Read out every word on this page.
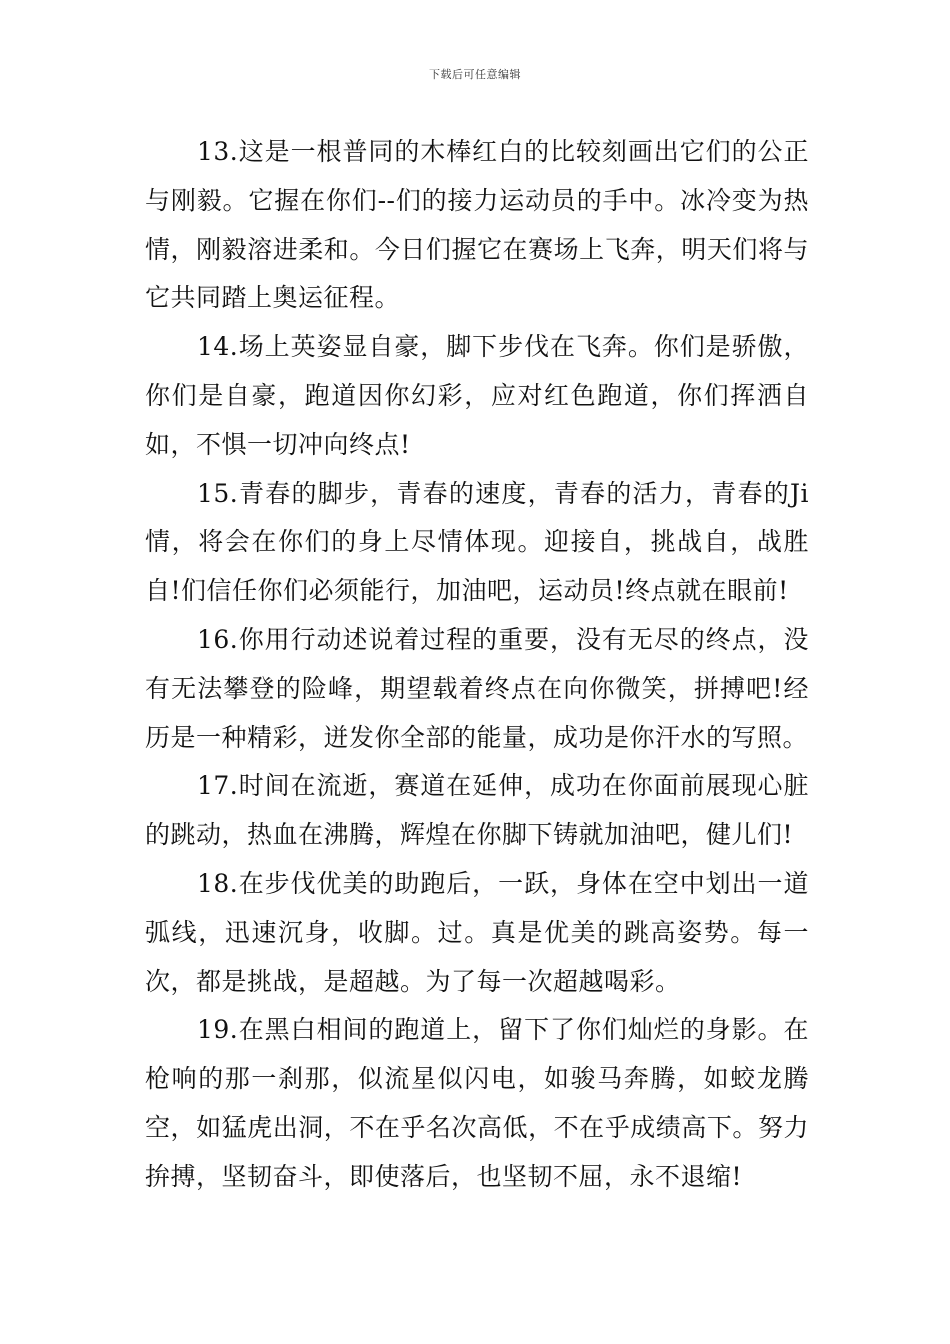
下载后可任意编辑

13.这是一根普同的木棒红白的比较刻画出它们的公正与刚毅。它握在你们--们的接力运动员的手中。冰冷变为热情，刚毅溶进柔和。今日们握它在赛场上飞奔，明天们将与它共同踏上奥运征程。

14.场上英姿显自豪，脚下步伐在飞奔。你们是骄傲，你们是自豪，跑道因你幻彩，应对红色跑道，你们挥洒自如，不惧一切冲向终点!

15.青春的脚步，青春的速度，青春的活力，青春的Ji情，将会在你们的身上尽情体现。迎接自，挑战自，战胜自!们信任你们必须能行，加油吧，运动员!终点就在眼前!

16.你用行动述说着过程的重要，没有无尽的终点，没有无法攀登的险峰，期望载着终点在向你微笑，拼搏吧!经历是一种精彩，迸发你全部的能量，成功是你汗水的写照。

17.时间在流逝，赛道在延伸，成功在你面前展现心脏的跳动，热血在沸腾，辉煌在你脚下铸就加油吧，健儿们!

18.在步伐优美的助跑后，一跃，身体在空中划出一道弧线，迅速沉身，收脚。过。真是优美的跳高姿势。每一次，都是挑战，是超越。为了每一次超越喝彩。

19.在黑白相间的跑道上，留下了你们灿烂的身影。在枪响的那一刹那，似流星似闪电，如骏马奔腾，如蛟龙腾空，如猛虎出洞，不在乎名次高低，不在乎成绩高下。努力拚搏，坚韧奋斗，即使落后，也坚韧不屈，永不退缩!
